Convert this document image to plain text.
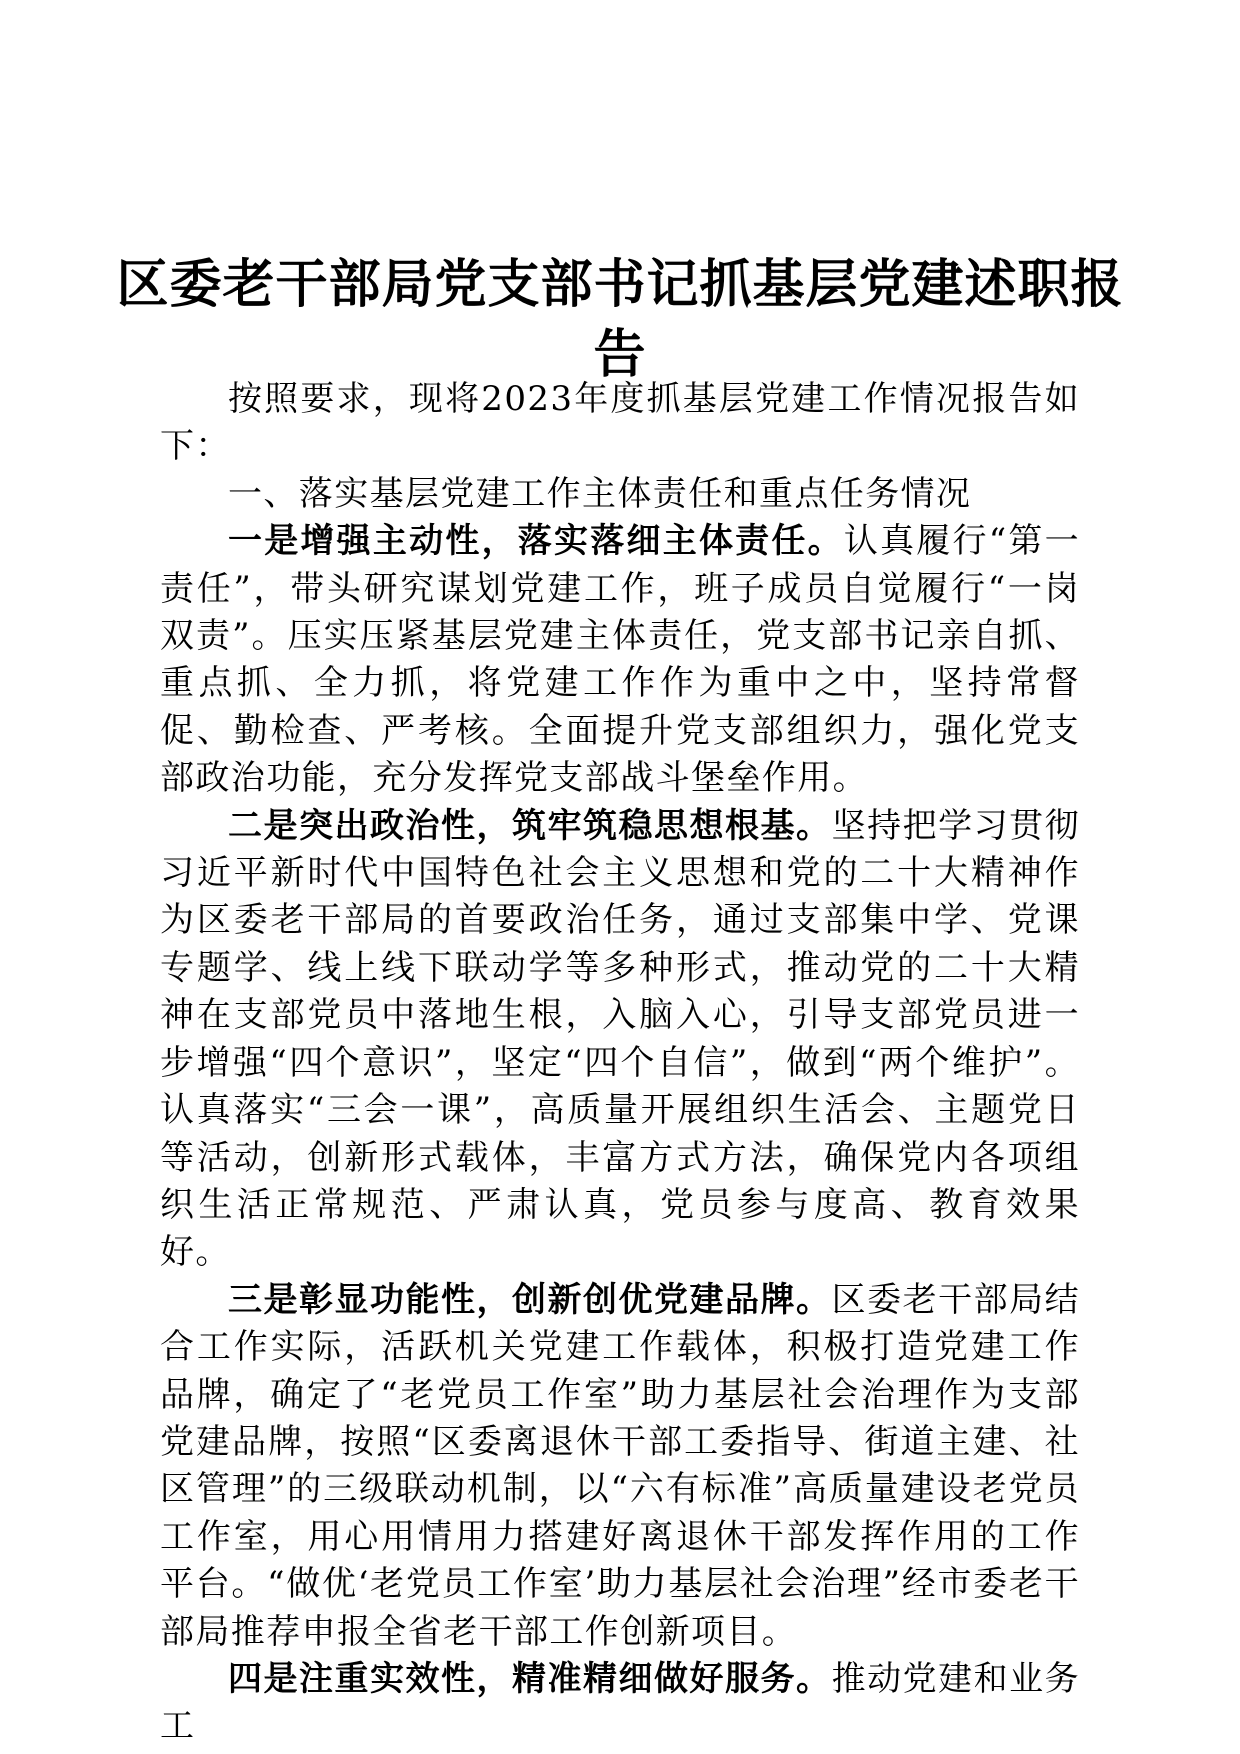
区委老干部局党支部书记抓基层党建述职报告

按照要求，现将2023年度抓基层党建工作情况报告如下：

一、落实基层党建工作主体责任和重点任务情况

一是增强主动性，落实落细主体责任。认真履行“第一责任”，带头研究谋划党建工作，班子成员自觉履行“一岗双责”。压实压紧基层党建主体责任，党支部书记亲自抓、重点抓、全力抓，将党建工作作为重中之中，坚持常督促、勤检查、严考核。全面提升党支部组织力，强化党支部政治功能，充分发挥党支部战斗堡垒作用。

二是突出政治性，筑牢筑稳思想根基。坚持把学习贯彻习近平新时代中国特色社会主义思想和党的二十大精神作为区委老干部局的首要政治任务，通过支部集中学、党课专题学、线上线下联动学等多种形式，推动党的二十大精神在支部党员中落地生根，入脑入心，引导支部党员进一步增强“四个意识”，坚定“四个自信”，做到“两个维护”。认真落实“三会一课”，高质量开展组织生活会、主题党日等活动，创新形式载体，丰富方式方法，确保党内各项组织生活正常规范、严肃认真，党员参与度高、教育效果好。

三是彰显功能性，创新创优党建品牌。区委老干部局结合工作实际，活跃机关党建工作载体，积极打造党建工作品牌，确定了“老党员工作室”助力基层社会治理作为支部党建品牌，按照“区委离退休干部工委指导、街道主建、社区管理”的三级联动机制，以“六有标准”高质量建设老党员工作室，用心用情用力搭建好离退休干部发挥作用的工作平台。“做优‘老党员工作室’助力基层社会治理”经市委老干部局推荐申报全省老干部工作创新项目。

四是注重实效性，精准精细做好服务。推动党建和业务工
